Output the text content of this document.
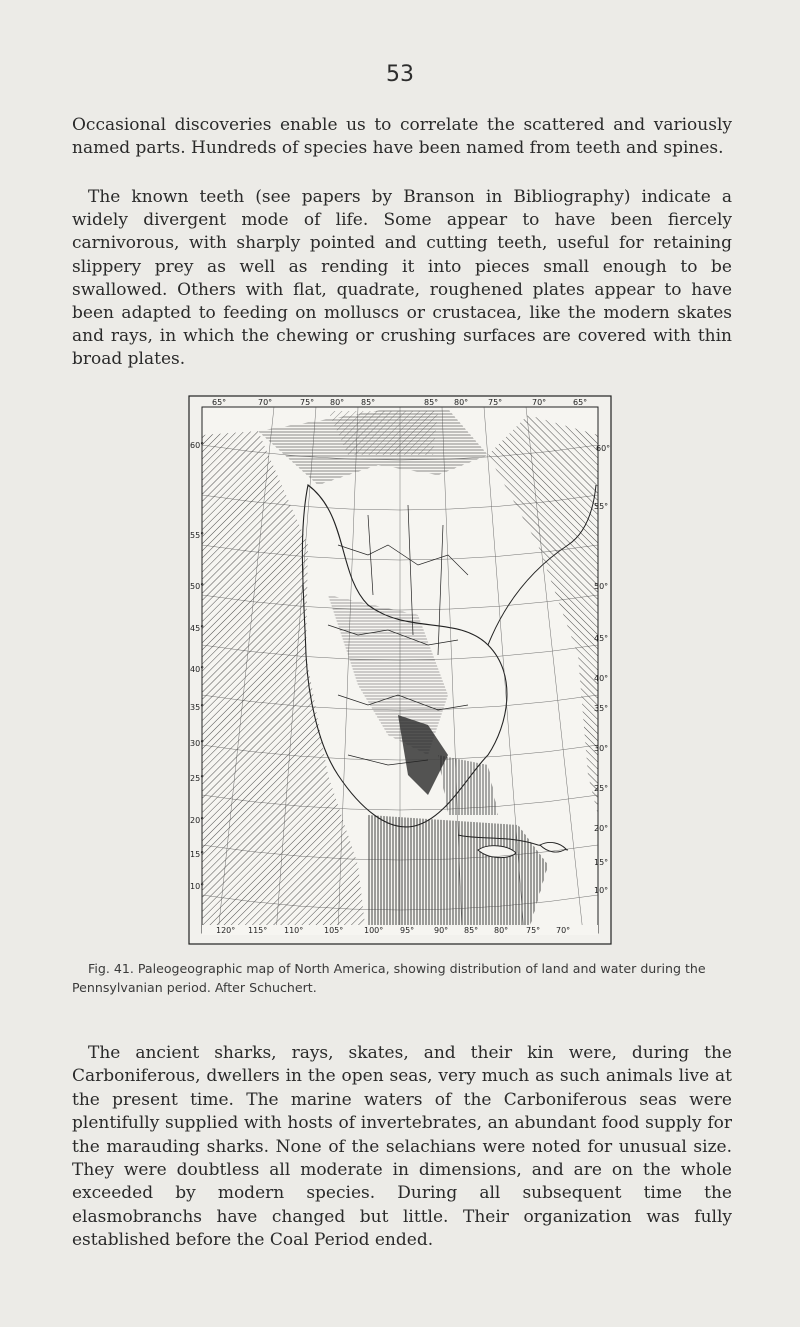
53

Occasional discoveries enable us to correlate the scattered and variously named parts. Hundreds of species have been named from teeth and spines.

The known teeth (see papers by Branson in Bibliography) indicate a widely divergent mode of life. Some appear to have been fiercely carnivorous, with sharply pointed and cutting teeth, useful for retaining slippery prey as well as rending it into pieces small enough to be swallowed. Others with flat, quadrate, roughened plates appear to have been adapted to feeding on molluscs or crustacea, like the modern skates and rays, in which the chewing or crushing surfaces are covered with thin broad plates.

65°	70°	75° 80° 85°	85° 80° 75°	70°	65°
120° 115° 110°	105°	100° 95° 90° 85° 80° 75° 70°
60°
55°
50°
45°
40°
35°
30°
25°
20°
15°
10°
60°
55°
50°
45°
40°
35°
30°
25°
20°
15°
10°

Fig. 41. Paleogeographic map of North America, showing distribution of land and water during the Pennsylvanian period. After Schuchert.

The ancient sharks, rays, skates, and their kin were, during the Carboniferous, dwellers in the open seas, very much as such animals live at the present time. The marine waters of the Carboniferous seas were plentifully supplied with hosts of invertebrates, an abundant food supply for the marauding sharks. None of the selachians were noted for unusual size. They were doubtless all moderate in dimensions, and are on the whole exceeded by modern species. During all subsequent time the elasmobranchs have changed but little. Their organization was fully established before the Coal Period ended.
